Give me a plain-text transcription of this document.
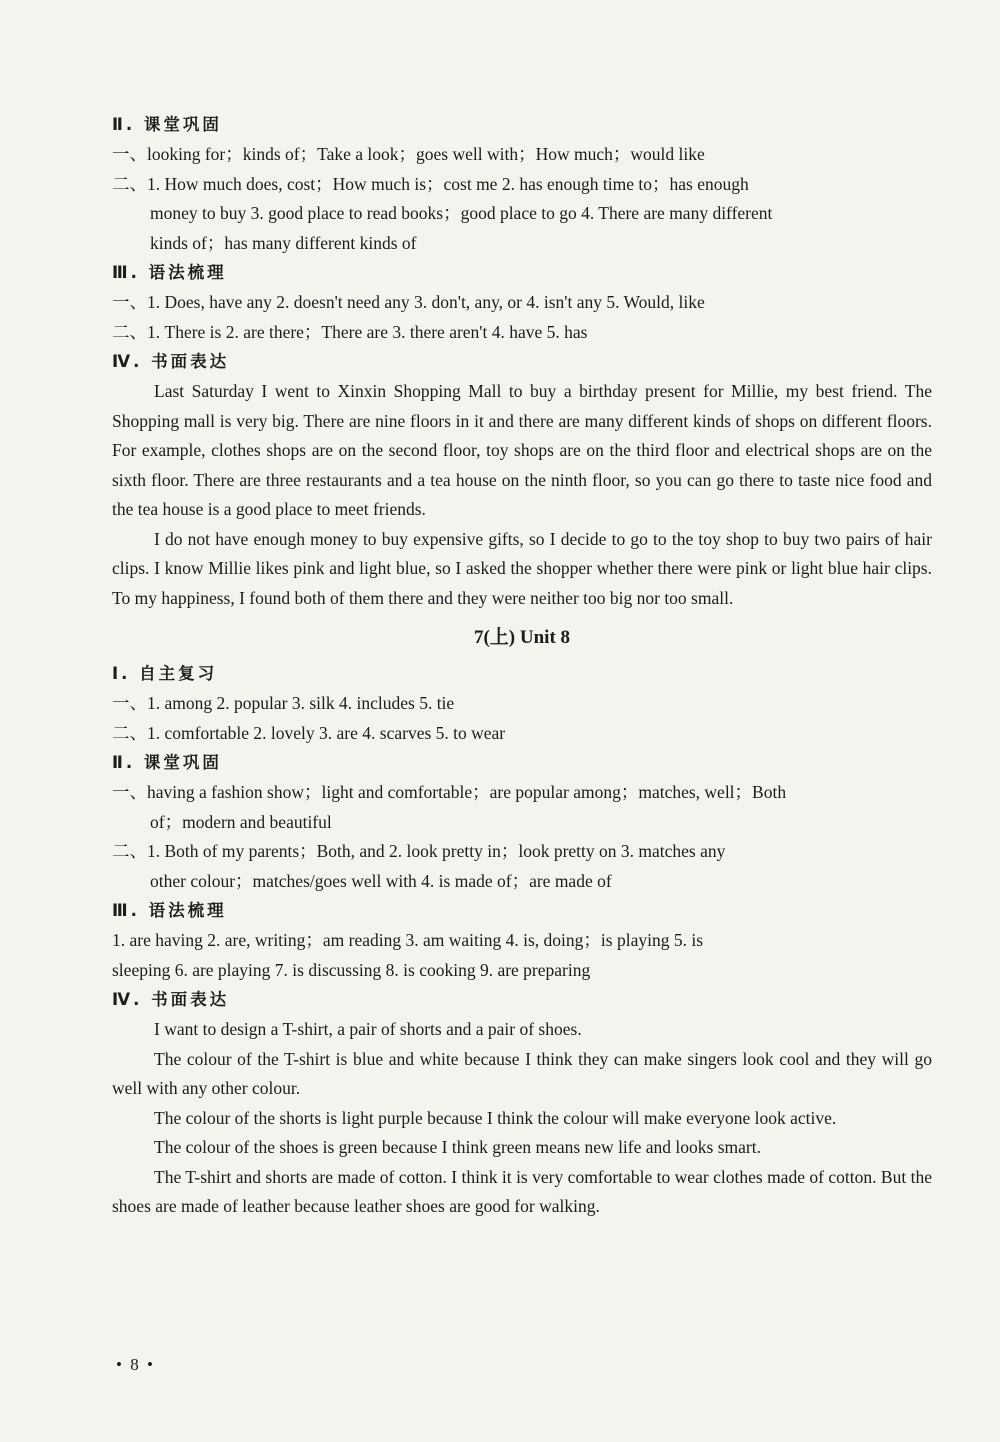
Ⅱ. 课堂巩固
一、looking for；kinds of；Take a look；goes well with；How much；would like
二、1. How much does, cost；How much is；cost me 2. has enough time to；has enough
money to buy 3. good place to read books；good place to go 4. There are many different
kinds of；has many different kinds of
Ⅲ. 语法梳理
一、1. Does, have any 2. doesn't need any 3. don't, any, or 4. isn't any 5. Would, like
二、1. There is 2. are there；There are 3. there aren't 4. have 5. has
Ⅳ. 书面表达

Last Saturday I went to Xinxin Shopping Mall to buy a birthday present for Millie, my best friend. The Shopping mall is very big. There are nine floors in it and there are many different kinds of shops on different floors. For example, clothes shops are on the second floor, toy shops are on the third floor and electrical shops are on the sixth floor. There are three restaurants and a tea house on the ninth floor, so you can go there to taste nice food and the tea house is a good place to meet friends.

I do not have enough money to buy expensive gifts, so I decide to go to the toy shop to buy two pairs of hair clips. I know Millie likes pink and light blue, so I asked the shopper whether there were pink or light blue hair clips. To my happiness, I found both of them there and they were neither too big nor too small.

7(上) Unit 8
Ⅰ. 自主复习
一、1. among 2. popular 3. silk 4. includes 5. tie
二、1. comfortable 2. lovely 3. are 4. scarves 5. to wear
Ⅱ. 课堂巩固
一、having a fashion show；light and comfortable；are popular among；matches, well；Both
of；modern and beautiful
二、1. Both of my parents；Both, and 2. look pretty in；look pretty on 3. matches any
other colour；matches/goes well with 4. is made of；are made of
Ⅲ. 语法梳理
1. are having 2. are, writing；am reading 3. am waiting 4. is, doing；is playing 5. is
sleeping 6. are playing 7. is discussing 8. is cooking 9. are preparing
Ⅳ. 书面表达

I want to design a T-shirt, a pair of shorts and a pair of shoes.

The colour of the T-shirt is blue and white because I think they can make singers look cool and they will go well with any other colour.

The colour of the shorts is light purple because I think the colour will make everyone look active.

The colour of the shoes is green because I think green means new life and looks smart.

The T-shirt and shorts are made of cotton. I think it is very comfortable to wear clothes made of cotton. But the shoes are made of leather because leather shoes are good for walking.

• 8 •
